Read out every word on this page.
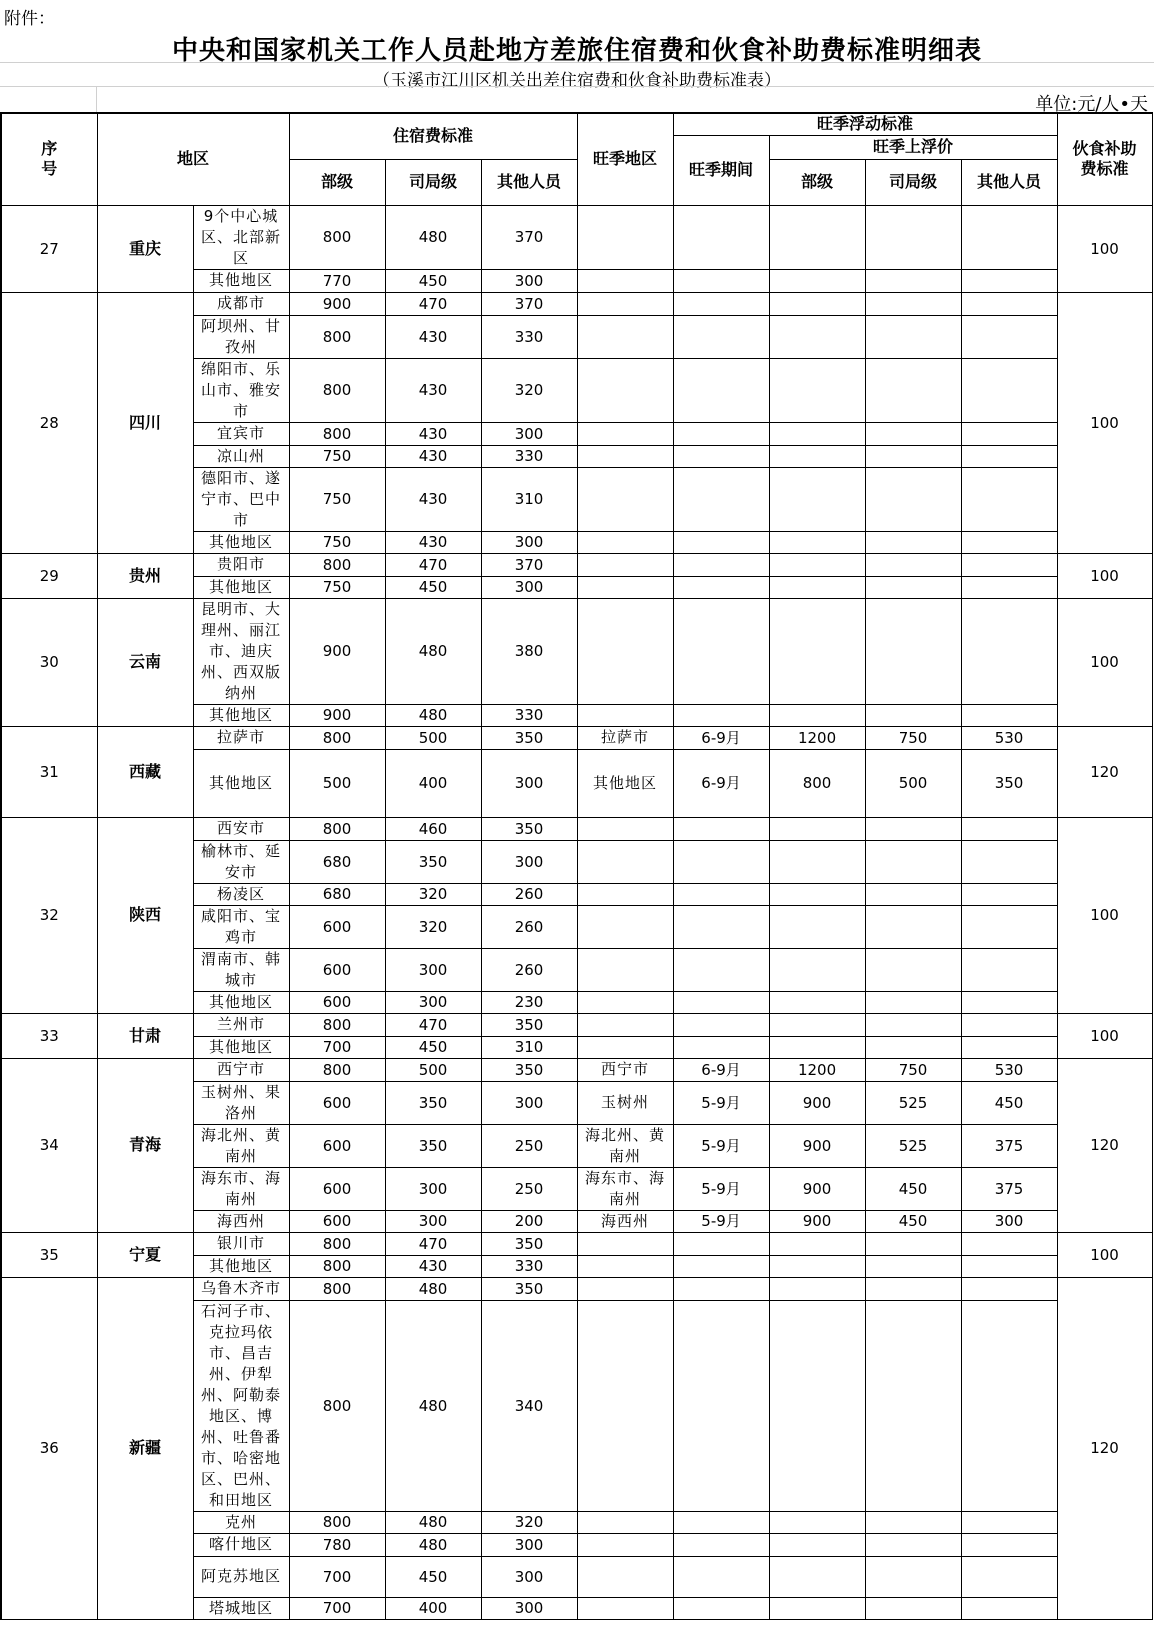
附件：
中央和国家机关工作人员赴地方差旅住宿费和伙食补助费标准明细表
（玉溪市江川区机关出差住宿费和伙食补助费标准表）
单位:元/人•天
序
号	地区		住宿费标准			旺季地区	旺季浮动标准				伙食补助
费标准
							旺季期间	旺季上浮价			
			部级	司局级	其他人员			部级	司局级	其他人员	
27	重庆	9个中心城区、北部新区	800	480	370						100
		其他地区	770	450	300						
28	四川	成都市	900	470	370						100
		阿坝州、甘孜州	800	430	330						
		绵阳市、乐山市、雅安市	800	430	320						
		宜宾市	800	430	300						
		凉山州	750	430	330						
		德阳市、遂宁市、巴中市	750	430	310						
		其他地区	750	430	300						
29	贵州	贵阳市	800	470	370						100
		其他地区	750	450	300						
30	云南	昆明市、大理州、丽江市、迪庆州、西双版纳州	900	480	380						100
		其他地区	900	480	330						
31	西藏	拉萨市	800	500	350	拉萨市	6-9月	1200	750	530	120
		其他地区	500	400	300	其他地区	6-9月	800	500	350	
32	陕西	西安市	800	460	350						100
		榆林市、延安市	680	350	300						
		杨凌区	680	320	260						
		咸阳市、宝鸡市	600	320	260						
		渭南市、韩城市	600	300	260						
		其他地区	600	300	230						
33	甘肃	兰州市	800	470	350						100
		其他地区	700	450	310						
34	青海	西宁市	800	500	350	西宁市	6-9月	1200	750	530	120
		玉树州、果洛州	600	350	300	玉树州	5-9月	900	525	450	
		海北州、黄南州	600	350	250	海北州、黄南州	5-9月	900	525	375	
		海东市、海南州	600	300	250	海东市、海南州	5-9月	900	450	375	
		海西州	600	300	200	海西州	5-9月	900	450	300	
35	宁夏	银川市	800	470	350						100
		其他地区	800	430	330						
36	新疆	乌鲁木齐市	800	480	350						120
		石河子市、克拉玛依市、昌吉州、伊犁州、阿勒泰地区、博州、吐鲁番市、哈密地区、巴州、和田地区	800	480	340						
		克州	800	480	320						
		喀什地区	780	480	300						
		阿克苏地区	700	450	300						
		塔城地区	700	400	300						
